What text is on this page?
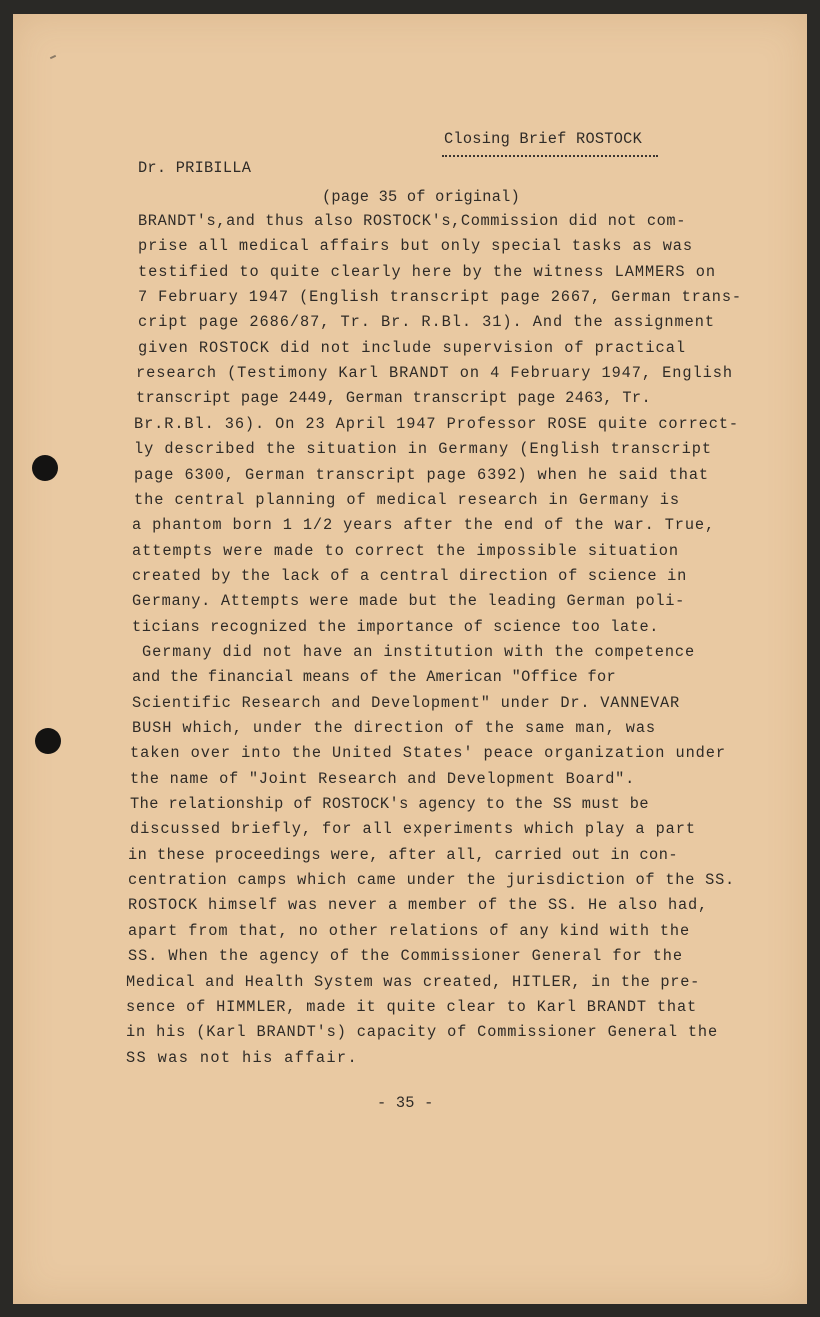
Closing Brief ROSTOCK
Dr. PRIBILLA
(page 35 of original)
BRANDT's,and thus also ROSTOCK's,Commission did not com-
prise all medical affairs but only special tasks as was
testified to quite clearly here by the witness LAMMERS on
7 February 1947 (English transcript page 2667, German trans-
cript page 2686/87, Tr. Br. R.Bl. 31). And the assignment
given ROSTOCK did not include supervision of practical
research (Testimony Karl BRANDT on 4 February 1947, English
transcript page 2449, German transcript page 2463, Tr.
Br.R.Bl. 36). On 23 April 1947 Professor ROSE quite correct-
ly described the situation in Germany (English transcript
page 6300, German transcript page 6392) when he said that
the central planning of medical research in Germany is
a phantom born 1 1/2 years after the end of the war. True,
attempts were made to correct the impossible situation
created by the lack of a central direction of science in
Germany. Attempts were made but the leading German poli-
ticians recognized the importance of science too late.
Germany did not have an institution with the competence
and the financial means of the American "Office for
Scientific Research and Development" under Dr. VANNEVAR
BUSH which, under the direction of the same man, was
taken over into the United States' peace organization under
the name of "Joint Research and Development Board".
The relationship of ROSTOCK's agency to the SS must be
discussed briefly, for all experiments which play a part
in these proceedings were, after all, carried out in con-
centration camps which came under the jurisdiction of the SS.
ROSTOCK himself was never a member of the SS. He also had,
apart from that, no other relations of any kind with the
SS. When the agency of the Commissioner General for the
Medical and Health System was created, HITLER, in the pre-
sence of HIMMLER, made it quite clear to Karl BRANDT that
in his (Karl BRANDT's) capacity of Commissioner General the
SS was not his affair.
- 35 -
